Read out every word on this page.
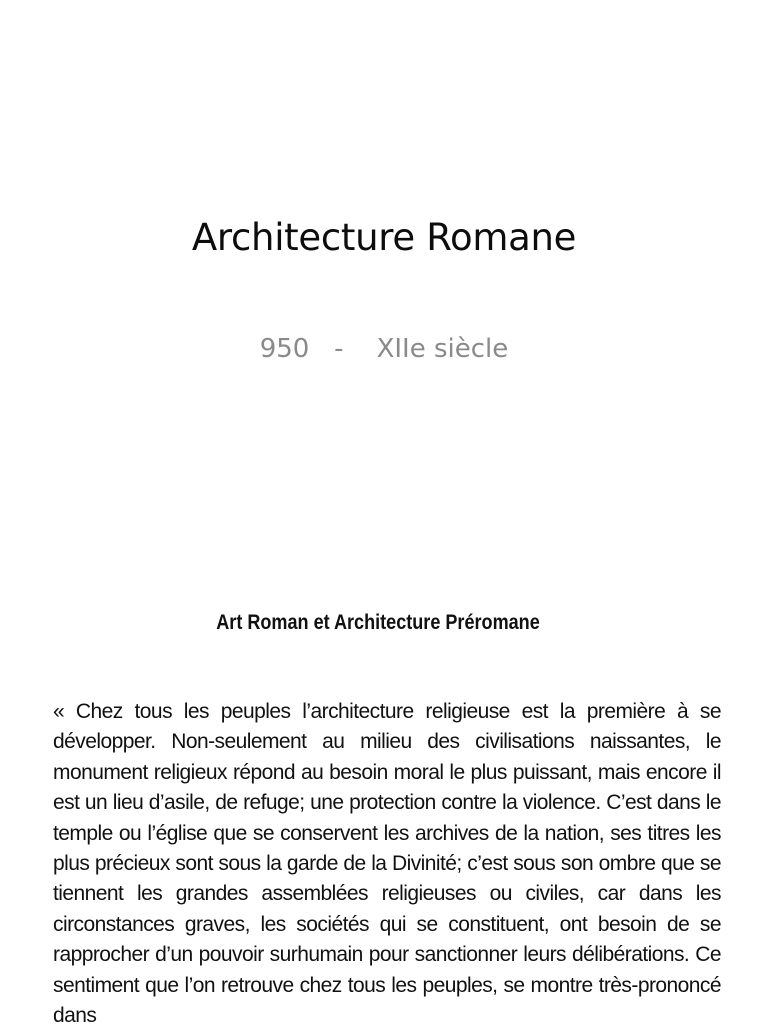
Architecture Romane

950   -    XIIe siècle

Art Roman et Architecture Préromane

« Chez tous les peuples l’architecture religieuse est la première à se développer. Non-seulement au milieu des civilisations naissantes, le monument religieux répond au besoin moral le plus puissant, mais encore il est un lieu d’asile, de refuge; une protection contre la violence. C’est dans le temple ou l’église que se conservent les archives de la nation, ses titres les plus précieux sont sous la garde de la Divinité; c’est sous son ombre que se tiennent les grandes assemblées religieuses ou civiles, car dans les circonstances graves, les sociétés qui se constituent, ont besoin de se rapprocher d’un pouvoir surhumain pour sanctionner leurs délibérations. Ce sentiment que l’on retrouve chez tous les peuples, se montre très-prononcé dans
